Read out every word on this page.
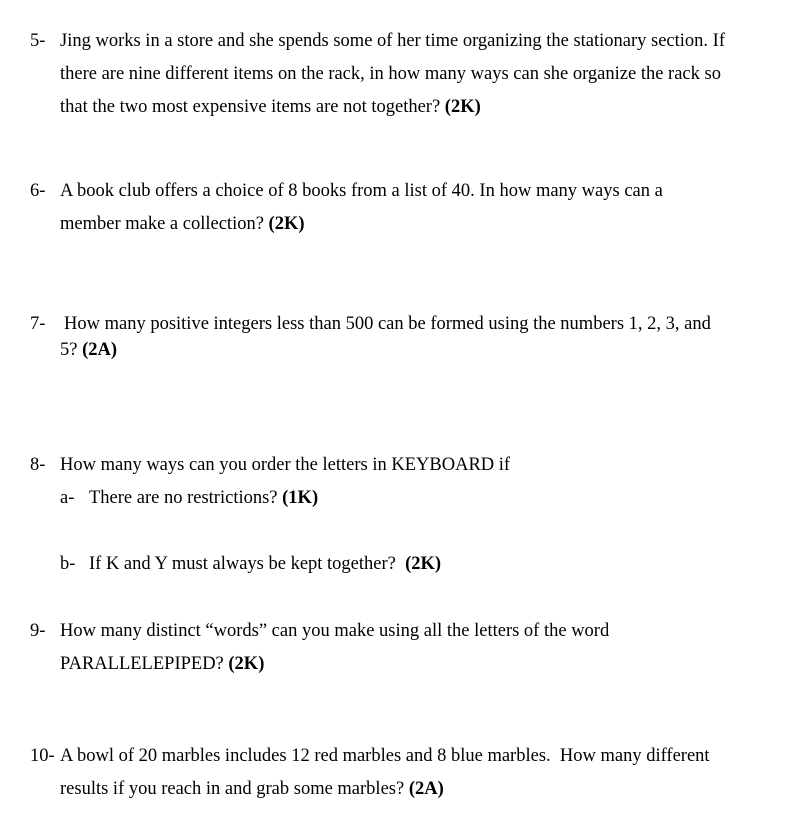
5- Jing works in a store and she spends some of her time organizing the stationary section. If
there are nine different items on the rack, in how many ways can she organize the rack so
that the two most expensive items are not together? (2K)
6- A book club offers a choice of 8 books from a list of 40. In how many ways can a
member make a collection? (2K)
7- How many positive integers less than 500 can be formed using the numbers 1, 2, 3, and
5? (2A)
8- How many ways can you order the letters in KEYBOARD if
a- There are no restrictions? (1K)
b- If K and Y must always be kept together? (2K)
9- How many distinct “words” can you make using all the letters of the word
PARALLELEPIPED? (2K)
10- A bowl of 20 marbles includes 12 red marbles and 8 blue marbles.  How many different
results if you reach in and grab some marbles? (2A)
